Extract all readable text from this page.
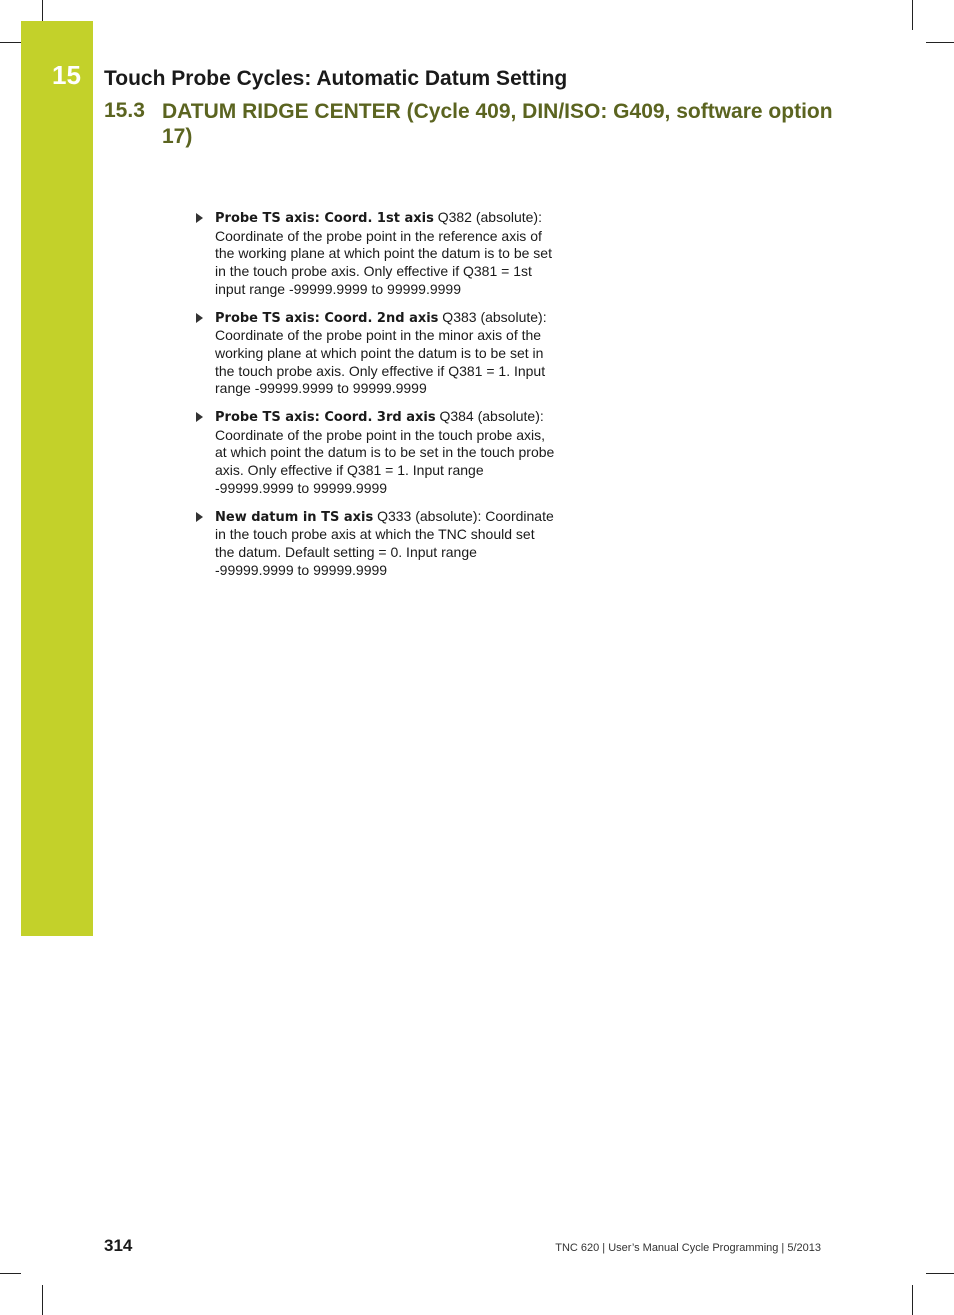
15 Touch Probe Cycles: Automatic Datum Setting
15.3 DATUM RIDGE CENTER (Cycle 409, DIN/ISO: G409, software option 17)
Probe TS axis: Coord. 1st axis Q382 (absolute): Coordinate of the probe point in the reference axis of the working plane at which point the datum is to be set in the touch probe axis. Only effective if Q381 = 1st input range -99999.9999 to 99999.9999
Probe TS axis: Coord. 2nd axis Q383 (absolute): Coordinate of the probe point in the minor axis of the working plane at which point the datum is to be set in the touch probe axis. Only effective if Q381 = 1. Input range -99999.9999 to 99999.9999
Probe TS axis: Coord. 3rd axis Q384 (absolute): Coordinate of the probe point in the touch probe axis, at which point the datum is to be set in the touch probe axis. Only effective if Q381 = 1. Input range -99999.9999 to 99999.9999
New datum in TS axis Q333 (absolute): Coordinate in the touch probe axis at which the TNC should set the datum. Default setting = 0. Input range -99999.9999 to 99999.9999
314	TNC 620 | User’s Manual Cycle Programming | 5/2013
